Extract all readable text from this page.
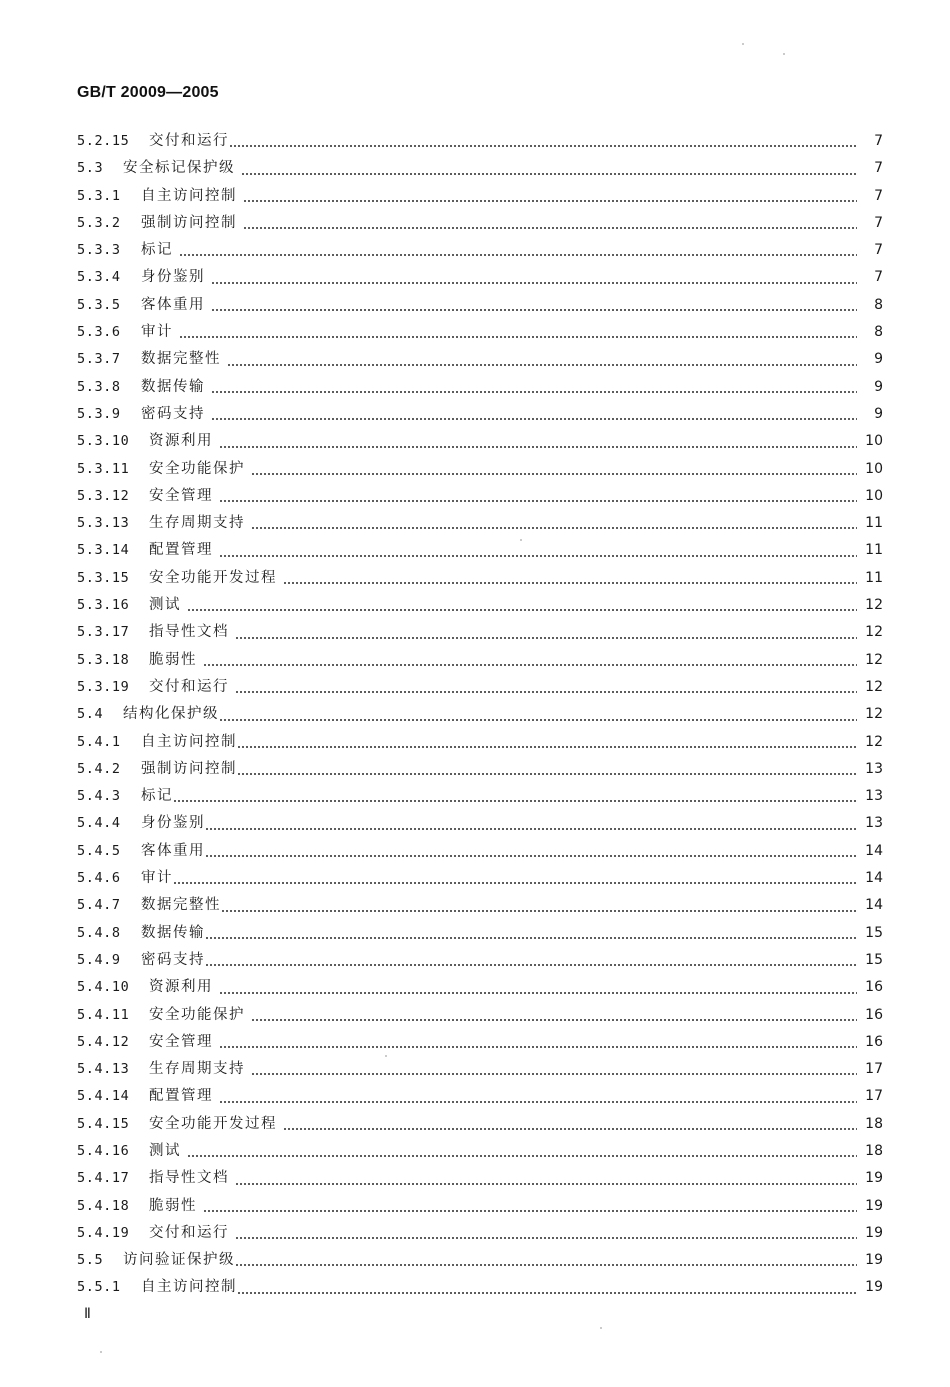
GB/T 20009—2005
5.2.15	交付和运行	7
5.3	安全标记保护级	7
5.3.1	自主访问控制	7
5.3.2	强制访问控制	7
5.3.3	标记	7
5.3.4	身份鉴别	7
5.3.5	客体重用	8
5.3.6	审计	8
5.3.7	数据完整性	9
5.3.8	数据传输	9
5.3.9	密码支持	9
5.3.10	资源利用	10
5.3.11	安全功能保护	10
5.3.12	安全管理	10
5.3.13	生存周期支持	11
5.3.14	配置管理	11
5.3.15	安全功能开发过程	11
5.3.16	测试	12
5.3.17	指导性文档	12
5.3.18	脆弱性	12
5.3.19	交付和运行	12
5.4	结构化保护级	12
5.4.1	自主访问控制	12
5.4.2	强制访问控制	13
5.4.3	标记	13
5.4.4	身份鉴别	13
5.4.5	客体重用	14
5.4.6	审计	14
5.4.7	数据完整性	14
5.4.8	数据传输	15
5.4.9	密码支持	15
5.4.10	资源利用	16
5.4.11	安全功能保护	16
5.4.12	安全管理	16
5.4.13	生存周期支持	17
5.4.14	配置管理	17
5.4.15	安全功能开发过程	18
5.4.16	测试	18
5.4.17	指导性文档	19
5.4.18	脆弱性	19
5.4.19	交付和运行	19
5.5	访问验证保护级	19
5.5.1	自主访问控制	19
Ⅱ
